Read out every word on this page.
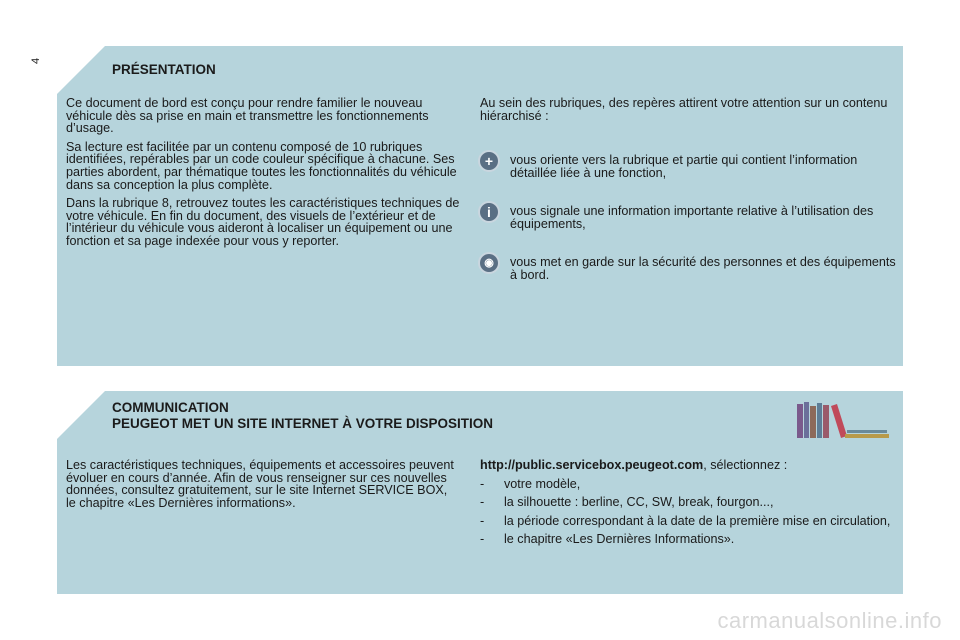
4
PRÉSENTATION

Ce document de bord est conçu pour rendre familier le nouveau véhicule dès sa prise en main et transmettre les fonctionnements d’usage.

Sa lecture est facilitée par un contenu composé de 10 rubriques identifiées, repérables par un code couleur spécifique à chacune. Ses parties abordent, par thématique toutes les fonctionnalités du véhicule dans sa conception la plus complète.

Dans la rubrique 8, retrouvez toutes les caractéristiques techniques de votre véhicule. En fin du document, des visuels de l’extérieur et de l’intérieur du véhicule vous aideront à localiser un équipement ou une fonction et sa page indexée pour vous y reporter.

Au sein des rubriques, des repères attirent votre attention sur un contenu hiérarchisé :
+	vous oriente vers la rubrique et partie qui contient l’information détaillée liée à une fonction,
i	vous signale une information importante relative à l’utilisation des équipements,
◉	vous met en garde sur la sécurité des personnes et des équipements à bord.
COMMUNICATION
PEUGEOT MET UN SITE INTERNET À VOTRE DISPOSITION
Les caractéristiques techniques, équipements et accessoires peuvent évoluer en cours d’année. Afin de vous renseigner sur ces nouvelles données, consultez gratuitement, sur le site Internet SERVICE BOX, le chapitre «Les Dernières informations».
http://public.servicebox.peugeot.com, sélectionnez :
- votre modèle,
- la silhouette : berline, CC, SW, break, fourgon...,
- la période correspondant à la date de la première mise en circulation,
- le chapitre «Les Dernières Informations».
carmanualsonline.info
